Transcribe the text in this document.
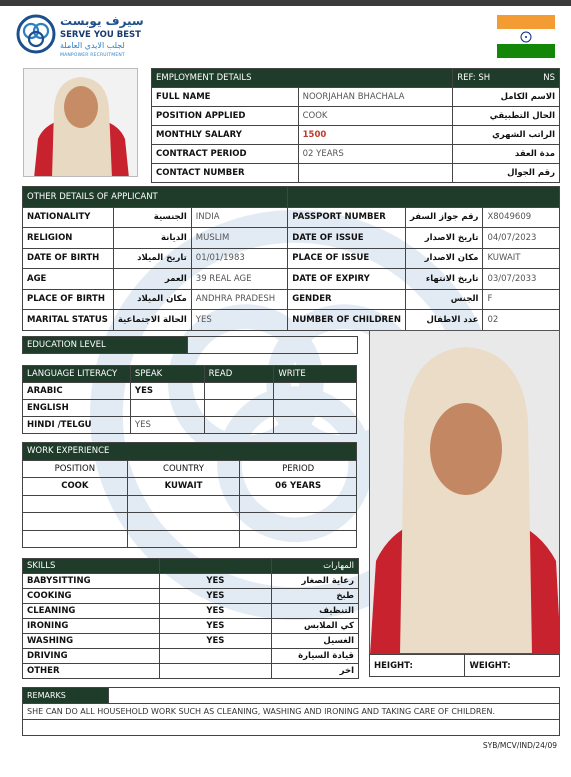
سيرف يوبست
SERVE YOU BEST
لجلب الايدي العاملة
MANPOWER RECRUITMENT
EMPLOYMENT DETAILS		REF: SH NS

FULL NAME	NOORJAHAN BHACHALA	الاسم الكامل
POSITION APPLIED	COOK	الحال التطبيقي
MONTHLY SALARY	1500	الراتب الشهري
CONTRACT PERIOD	02 YEARS	مدة العقد
CONTACT NUMBER		رقم الجوال
OTHER DETAILS OF APPLICANT					
NATIONALITY	الجنسية	INDIA	PASSPORT NUMBER	رقم جواز السفر	X8049609
RELIGION	الديانة	MUSLIM	DATE OF ISSUE	تاريخ الاصدار	04/07/2023
DATE OF BIRTH	تاريخ الميلاد	01/01/1983	PLACE OF ISSUE	مكان الاصدار	KUWAIT
AGE	العمر	39 REAL AGE	DATE OF EXPIRY	تاريخ الانتهاء	03/07/2033
PLACE OF BIRTH	مكان الميلاد	ANDHRA PRADESH	GENDER	الجنس	F
MARITAL STATUS	الحالة الاجتماعية	YES	NUMBER OF CHILDREN	عدد الاطفال	02
EDUCATION LEVEL	
LANGUAGE LITERACY	SPEAK	READ	WRITE
ARABIC	YES		
ENGLISH			
HINDI /TELGU	YES		
WORK EXPERIENCE		
POSITION	COUNTRY	PERIOD
COOK	KUWAIT	06 YEARS

SKILLS		المهارات
BABYSITTING	YES	رعاية الصغار
COOKING	YES	طبخ
CLEANING	YES	التنظيف
IRONING	YES	كي الملابس
WASHING	YES	الغسيل
DRIVING		قيادة السيارة
OTHER		اخر
HEIGHT:	WEIGHT:
REMARKS	
SHE CAN DO ALL HOUSEHOLD WORK SUCH AS CLEANING, WASHING AND IRONING AND TAKING CARE OF CHILDREN.

SYB/MCV/IND/24/09
